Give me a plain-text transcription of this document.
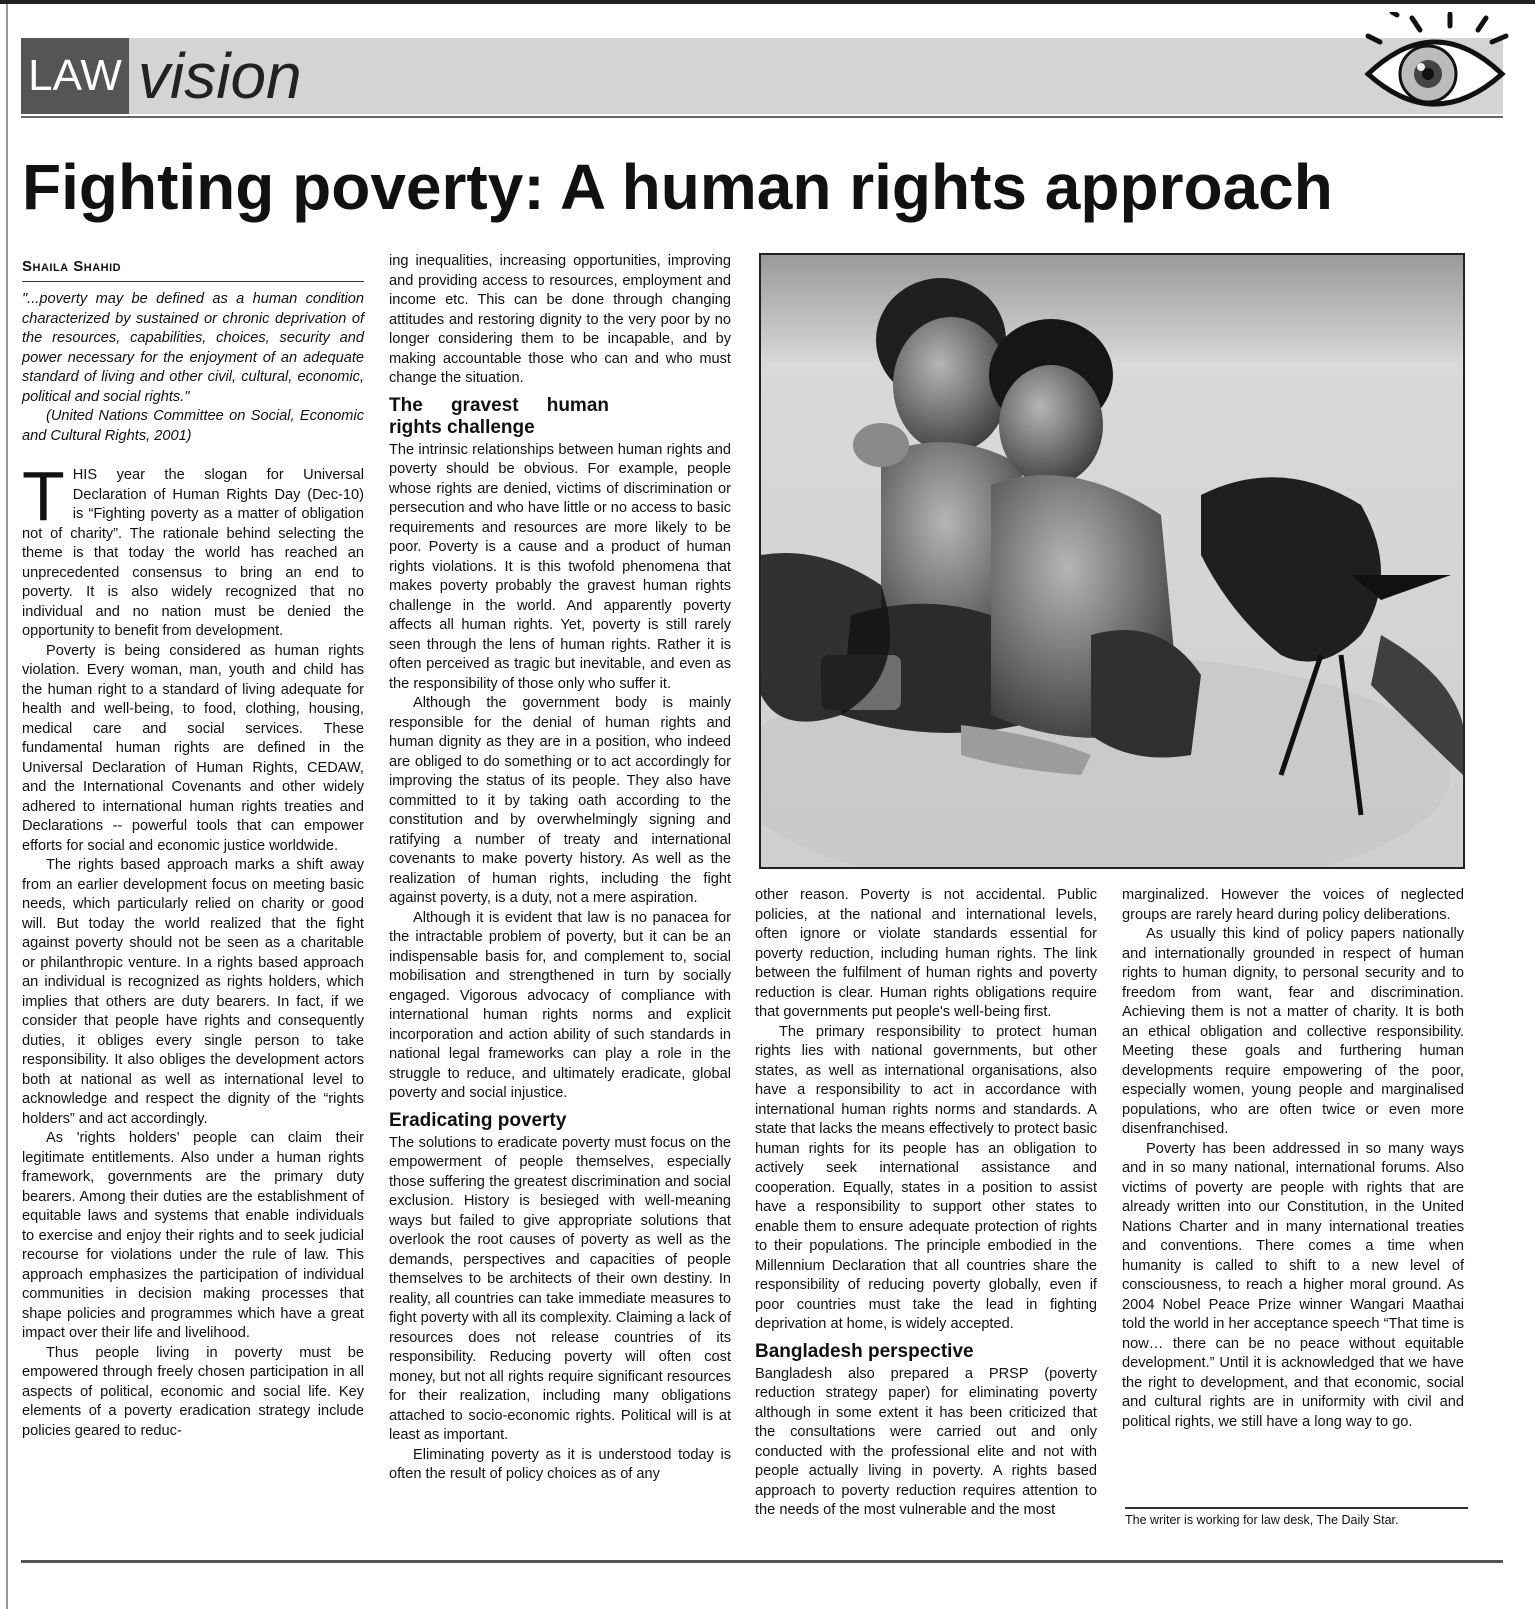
LAW vision
Fighting poverty: A human rights approach
Shaila Shahid

"...poverty may be defined as a human condition characterized by sustained or chronic deprivation of the resources, capabilities, choices, security and power necessary for the enjoyment of an adequate standard of living and other civil, cultural, economic, political and social rights."

(United Nations Committee on Social, Economic and Cultural Rights, 2001)

THIS year the slogan for Universal Declaration of Human Rights Day (Dec-10) is “Fighting poverty as a matter of obligation not of charity”. The rationale behind selecting the theme is that today the world has reached an unprecedented consensus to bring an end to poverty. It is also widely recognized that no individual and no nation must be denied the opportunity to benefit from development.

Poverty is being considered as human rights violation. Every woman, man, youth and child has the human right to a standard of living adequate for health and well-being, to food, clothing, housing, medical care and social services. These fundamental human rights are defined in the Universal Declaration of Human Rights, CEDAW, and the International Covenants and other widely adhered to international human rights treaties and Declarations -- powerful tools that can empower efforts for social and economic justice worldwide.

The rights based approach marks a shift away from an earlier development focus on meeting basic needs, which particularly relied on charity or good will. But today the world realized that the fight against poverty should not be seen as a charitable or philanthropic venture. In a rights based approach an individual is recognized as rights holders, which implies that others are duty bearers. In fact, if we consider that people have rights and consequently duties, it obliges every single person to take responsibility. It also obliges the development actors both at national as well as international level to acknowledge and respect the dignity of the “rights holders” and act accordingly.

As 'rights holders' people can claim their legitimate entitlements. Also under a human rights framework, governments are the primary duty bearers. Among their duties are the establishment of equitable laws and systems that enable individuals to exercise and enjoy their rights and to seek judicial recourse for violations under the rule of law. This approach emphasizes the participation of individual communities in decision making processes that shape policies and programmes which have a great impact over their life and livelihood.

Thus people living in poverty must be empowered through freely chosen participation in all aspects of political, economic and social life. Key elements of a poverty eradication strategy include policies geared to reduc-

ing inequalities, increasing opportunities, improving and providing access to resources, employment and income etc. This can be done through changing attitudes and restoring dignity to the very poor by no longer considering them to be incapable, and by making accountable those who can and who must change the situation.

The gravest human rights challenge

The intrinsic relationships between human rights and poverty should be obvious. For example, people whose rights are denied, victims of discrimination or persecution and who have little or no access to basic requirements and resources are more likely to be poor. Poverty is a cause and a product of human rights violations. It is this twofold phenomena that makes poverty probably the gravest human rights challenge in the world. And apparently poverty affects all human rights. Yet, poverty is still rarely seen through the lens of human rights. Rather it is often perceived as tragic but inevitable, and even as the responsibility of those only who suffer it.

Although the government body is mainly responsible for the denial of human rights and human dignity as they are in a position, who indeed are obliged to do something or to act accordingly for improving the status of its people. They also have committed to it by taking oath according to the constitution and by overwhelmingly signing and ratifying a number of treaty and international covenants to make poverty history. As well as the realization of human rights, including the fight against poverty, is a duty, not a mere aspiration.

Although it is evident that law is no panacea for the intractable problem of poverty, but it can be an indispensable basis for, and complement to, social mobilisation and strengthened in turn by socially engaged. Vigorous advocacy of compliance with international human rights norms and explicit incorporation and action ability of such standards in national legal frameworks can play a role in the struggle to reduce, and ultimately eradicate, global poverty and social injustice.

Eradicating poverty

The solutions to eradicate poverty must focus on the empowerment of people themselves, especially those suffering the greatest discrimination and social exclusion. History is besieged with well-meaning ways but failed to give appropriate solutions that overlook the root causes of poverty as well as the demands, perspectives and capacities of people themselves to be architects of their own destiny. In reality, all countries can take immediate measures to fight poverty with all its complexity. Claiming a lack of resources does not release countries of its responsibility. Reducing poverty will often cost money, but not all rights require significant resources for their realization, including many obligations attached to socio-economic rights. Political will is at least as important.

Eliminating poverty as it is understood today is often the result of policy choices as of any

other reason. Poverty is not accidental. Public policies, at the national and international levels, often ignore or violate standards essential for poverty reduction, including human rights. The link between the fulfilment of human rights and poverty reduction is clear. Human rights obligations require that governments put people's well-being first.

The primary responsibility to protect human rights lies with national governments, but other states, as well as international organisations, also have a responsibility to act in accordance with international human rights norms and standards. A state that lacks the means effectively to protect basic human rights for its people has an obligation to actively seek international assistance and cooperation. Equally, states in a position to assist have a responsibility to support other states to enable them to ensure adequate protection of rights to their populations. The principle embodied in the Millennium Declaration that all countries share the responsibility of reducing poverty globally, even if poor countries must take the lead in fighting deprivation at home, is widely accepted.

Bangladesh perspective

Bangladesh also prepared a PRSP (poverty reduction strategy paper) for eliminating poverty although in some extent it has been criticized that the consultations were carried out and only conducted with the professional elite and not with people actually living in poverty. A rights based approach to poverty reduction requires attention to the needs of the most vulnerable and the most

marginalized. However the voices of neglected groups are rarely heard during policy deliberations.

As usually this kind of policy papers nationally and internationally grounded in respect of human rights to human dignity, to personal security and to freedom from want, fear and discrimination. Achieving them is not a matter of charity. It is both an ethical obligation and collective responsibility. Meeting these goals and furthering human developments require empowering of the poor, especially women, young people and marginalised populations, who are often twice or even more disenfranchised.

Poverty has been addressed in so many ways and in so many national, international forums. Also victims of poverty are people with rights that are already written into our Constitution, in the United Nations Charter and in many international treaties and conventions. There comes a time when humanity is called to shift to a new level of consciousness, to reach a higher moral ground. As 2004 Nobel Peace Prize winner Wangari Maathai told the world in her acceptance speech “That time is now… there can be no peace without equitable development.” Until it is acknowledged that we have the right to development, and that economic, social and cultural rights are in uniformity with civil and political rights, we still have a long way to go.

The writer is working for law desk, The Daily Star.
